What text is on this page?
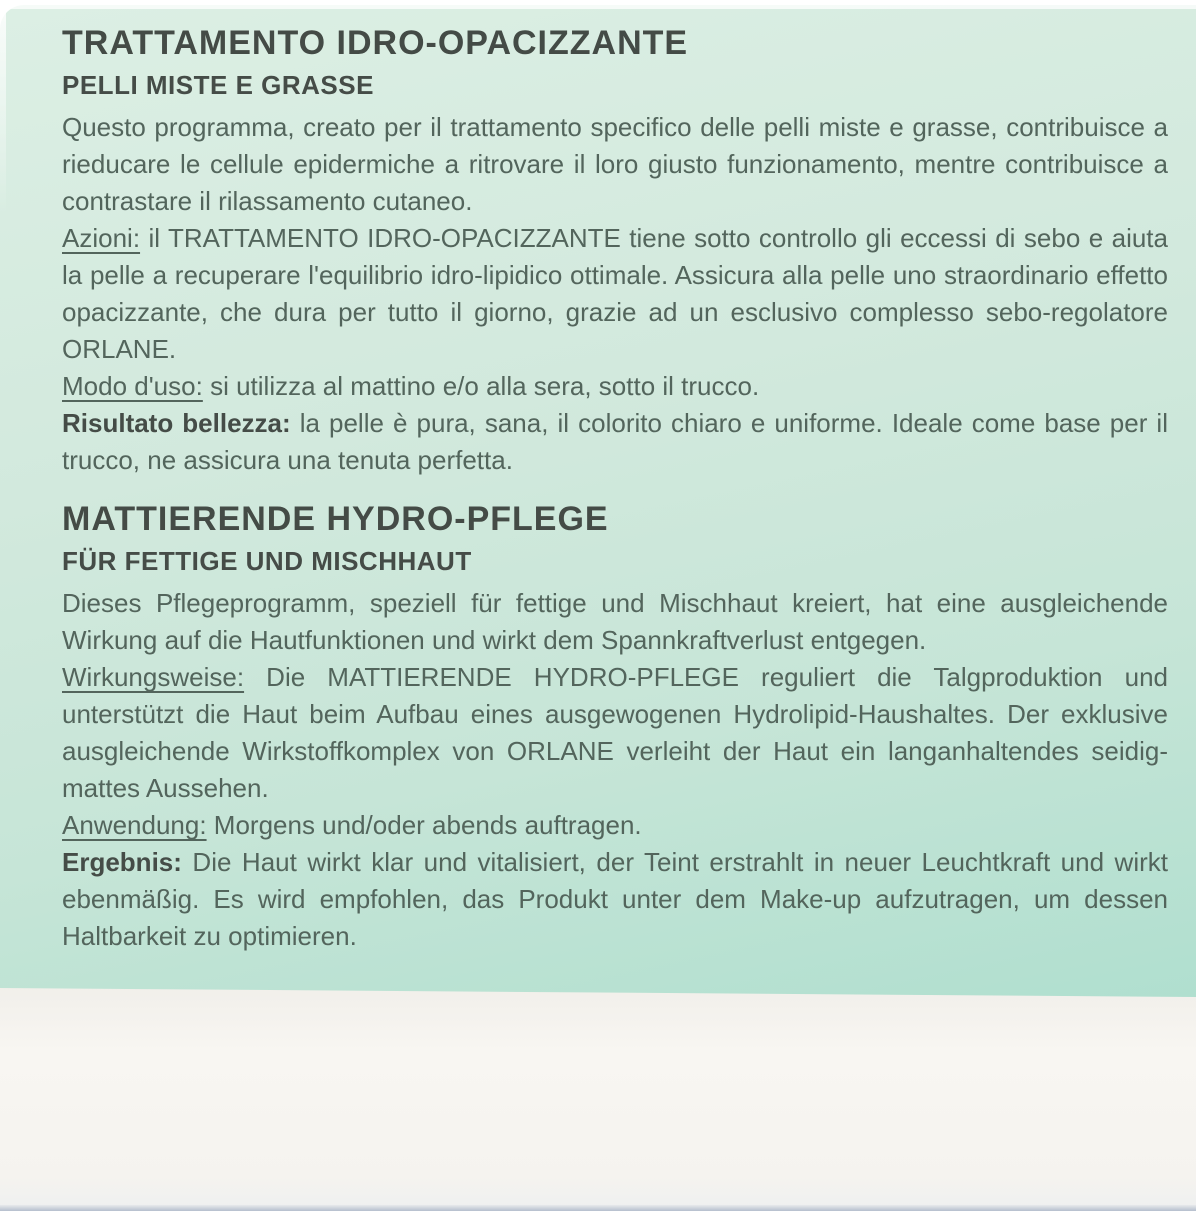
TRATTAMENTO IDRO-OPACIZZANTE
PELLI MISTE E GRASSE

Questo programma, creato per il trattamento specifico delle pelli miste e grasse, contribuisce a rieducare le cellule epidermiche a ritrovare il loro giusto funzionamento, mentre contribuisce a contrastare il rilassamento cutaneo.

Azioni: il TRATTAMENTO IDRO-OPACIZZANTE tiene sotto controllo gli eccessi di sebo e aiuta la pelle a recuperare l'equilibrio idro-lipidico ottimale. Assicura alla pelle uno straordinario effetto opacizzante, che dura per tutto il giorno, grazie ad un esclusivo complesso sebo-regolatore ORLANE.

Modo d'uso: si utilizza al mattino e/o alla sera, sotto il trucco.

Risultato bellezza: la pelle è pura, sana, il colorito chiaro e uniforme. Ideale come base per il trucco, ne assicura una tenuta perfetta.

MATTIERENDE HYDRO-PFLEGE
FÜR FETTIGE UND MISCHHAUT

Dieses Pflegeprogramm, speziell für fettige und Mischhaut kreiert, hat eine ausgleichende Wirkung auf die Hautfunktionen und wirkt dem Spannkraftverlust entgegen.

Wirkungsweise: Die MATTIERENDE HYDRO-PFLEGE reguliert die Talgproduktion und unterstützt die Haut beim Aufbau eines ausgewogenen Hydrolipid-Haushaltes. Der exklusive ausgleichende Wirkstoffkomplex von ORLANE verleiht der Haut ein langanhaltendes seidig-mattes Aussehen.

Anwendung: Morgens und/oder abends auftragen.

Ergebnis: Die Haut wirkt klar und vitalisiert, der Teint erstrahlt in neuer Leuchtkraft und wirkt ebenmäßig. Es wird empfohlen, das Produkt unter dem Make-up aufzutragen, um dessen Haltbarkeit zu optimieren.
